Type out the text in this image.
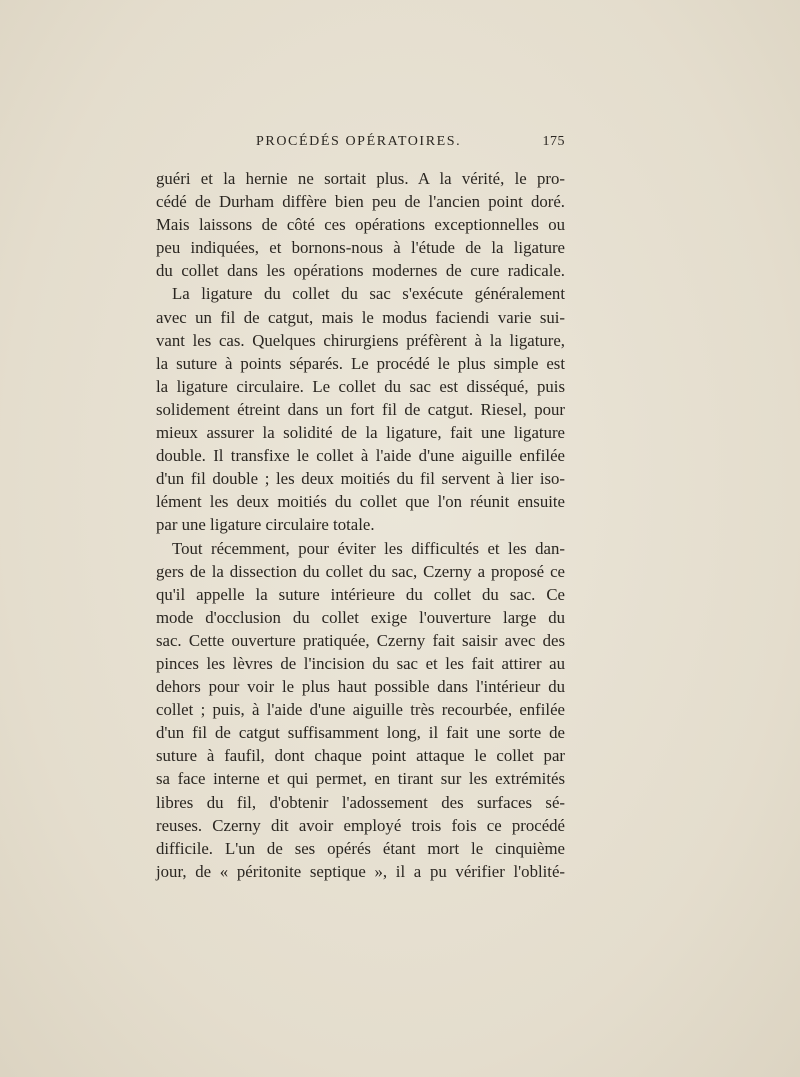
PROCÉDÉS OPÉRATOIRES.	175
guéri et la hernie ne sortait plus. A la vérité, le pro-
cédé de Durham diffère bien peu de l'ancien point doré.
Mais laissons de côté ces opérations exceptionnelles ou
peu indiquées, et bornons-nous à l'étude de la ligature
du collet dans les opérations modernes de cure radicale.
La ligature du collet du sac s'exécute généralement
avec un fil de catgut, mais le modus faciendi varie sui-
vant les cas. Quelques chirurgiens préfèrent à la ligature,
la suture à points séparés. Le procédé le plus simple est
la ligature circulaire. Le collet du sac est disséqué, puis
solidement étreint dans un fort fil de catgut. Riesel, pour
mieux assurer la solidité de la ligature, fait une ligature
double. Il transfixe le collet à l'aide d'une aiguille enfilée
d'un fil double ; les deux moitiés du fil servent à lier iso-
lément les deux moitiés du collet que l'on réunit ensuite
par une ligature circulaire totale.
Tout récemment, pour éviter les difficultés et les dan-
gers de la dissection du collet du sac, Czerny a proposé ce
qu'il appelle la suture intérieure du collet du sac. Ce
mode d'occlusion du collet exige l'ouverture large du
sac. Cette ouverture pratiquée, Czerny fait saisir avec des
pinces les lèvres de l'incision du sac et les fait attirer au
dehors pour voir le plus haut possible dans l'intérieur du
collet ; puis, à l'aide d'une aiguille très recourbée, enfilée
d'un fil de catgut suffisamment long, il fait une sorte de
suture à faufil, dont chaque point attaque le collet par
sa face interne et qui permet, en tirant sur les extrémités
libres du fil, d'obtenir l'adossement des surfaces sé-
reuses. Czerny dit avoir employé trois fois ce procédé
difficile. L'un de ses opérés étant mort le cinquième
jour, de « péritonite septique », il a pu vérifier l'oblité-
